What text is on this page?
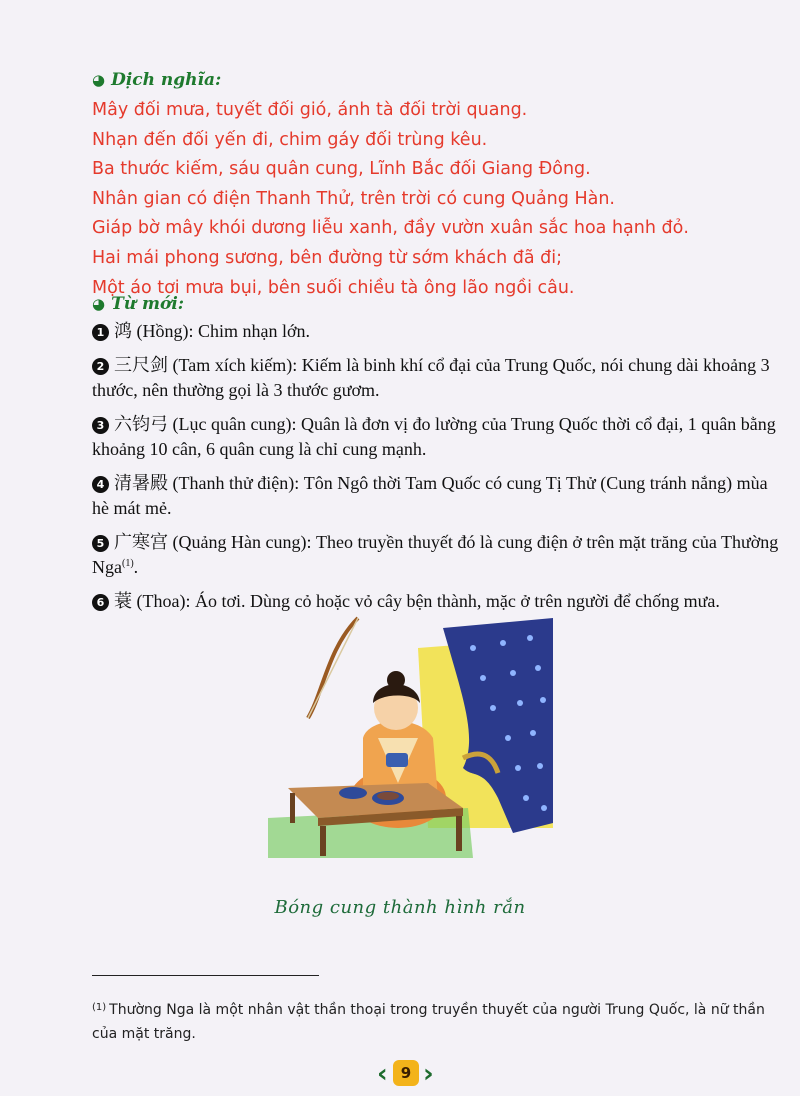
◕ Dịch nghĩa:
Mây đối mưa, tuyết đối gió, ánh tà đối trời quang.
Nhạn đến đối yến đi, chim gáy đối trùng kêu.
Ba thước kiếm, sáu quân cung, Lĩnh Bắc đối Giang Đông.
Nhân gian có điện Thanh Thử, trên trời có cung Quảng Hàn.
Giáp bờ mây khói dương liễu xanh, đầy vườn xuân sắc hoa hạnh đỏ.
Hai mái phong sương, bên đường từ sớm khách đã đi;
Một áo tơi mưa bụi, bên suối chiều tà ông lão ngồi câu.
◕ Từ mới:
1 鸿 (Hồng): Chim nhạn lớn.
2 三尺剑 (Tam xích kiếm): Kiếm là binh khí cổ đại của Trung Quốc, nói chung dài khoảng 3 thước, nên thường gọi là 3 thước gươm.
3 六钧弓 (Lục quân cung): Quân là đơn vị đo lường của Trung Quốc thời cổ đại, 1 quân bằng khoảng 10 cân, 6 quân cung là chỉ cung mạnh.
4 清暑殿 (Thanh thử điện): Tôn Ngô thời Tam Quốc có cung Tị Thử (Cung tránh nắng) mùa hè mát mẻ.
5 广寒宫 (Quảng Hàn cung): Theo truyền thuyết đó là cung điện ở trên mặt trăng của Thường Nga$^{(1)}$.
6 蓑 (Thoa): Áo tơi. Dùng cỏ hoặc vỏ cây bện thành, mặc ở trên người để chống mưa.
Bóng cung thành hình rắn
$^{(1)}$ Thường Nga là một nhân vật thần thoại trong truyền thuyết của người Trung Quốc, là nữ thần của mặt trăng.
‹ 9 ›
